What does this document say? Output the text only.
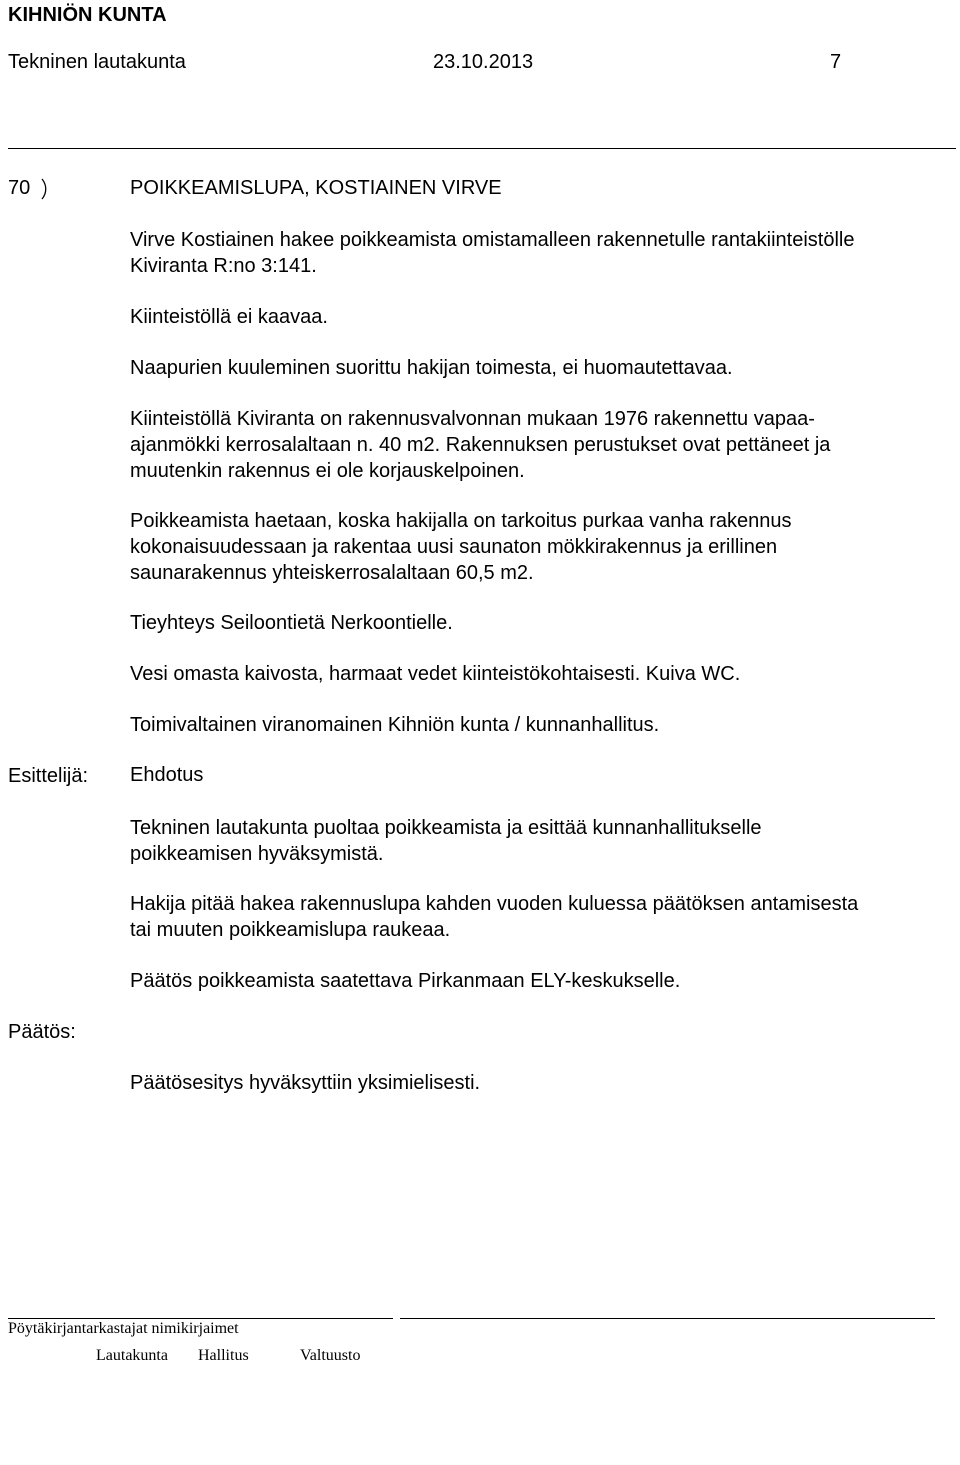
KIHNIÖN KUNTA
Tekninen lautakunta	23.10.2013	7
70	POIKKEAMISLUPA, KOSTIAINEN VIRVE

Virve Kostiainen hakee poikkeamista omistamalleen rakennetulle rantakiinteistölle
Kiviranta R:no 3:141.

Kiinteistöllä ei kaavaa.

Naapurien kuuleminen suorittu hakijan toimesta, ei huomautettavaa.

Kiinteistöllä Kiviranta on rakennusvalvonnan mukaan 1976 rakennettu vapaa-
ajanmökki kerrosalaltaan n. 40 m2. Rakennuksen perustukset ovat pettäneet ja
muutenkin rakennus ei ole korjauskelpoinen.

Poikkeamista haetaan, koska hakijalla on tarkoitus purkaa vanha rakennus
kokonaisuudessaan ja rakentaa uusi saunaton mökkirakennus ja erillinen
saunarakennus yhteiskerrosalaltaan 60,5 m2.

Tieyhteys Seiloontietä Nerkoontielle.

Vesi omasta kaivosta, harmaat vedet kiinteistökohtaisesti. Kuiva WC.

Toimivaltainen viranomainen Kihniön kunta / kunnanhallitus.

Esittelijä: Ehdotus

Tekninen lautakunta puoltaa poikkeamista ja esittää kunnanhallitukselle
poikkeamisen hyväksymistä.

Hakija pitää hakea rakennuslupa kahden vuoden kuluessa päätöksen antamisesta
tai muuten poikkeamislupa raukeaa.

Päätös poikkeamista saatettava Pirkanmaan ELY-keskukselle.

Päätös:

Päätösesitys hyväksyttiin yksimielisesti.

Pöytäkirjantarkastajat nimikirjaimet
Lautakunta Hallitus	Valtuusto
